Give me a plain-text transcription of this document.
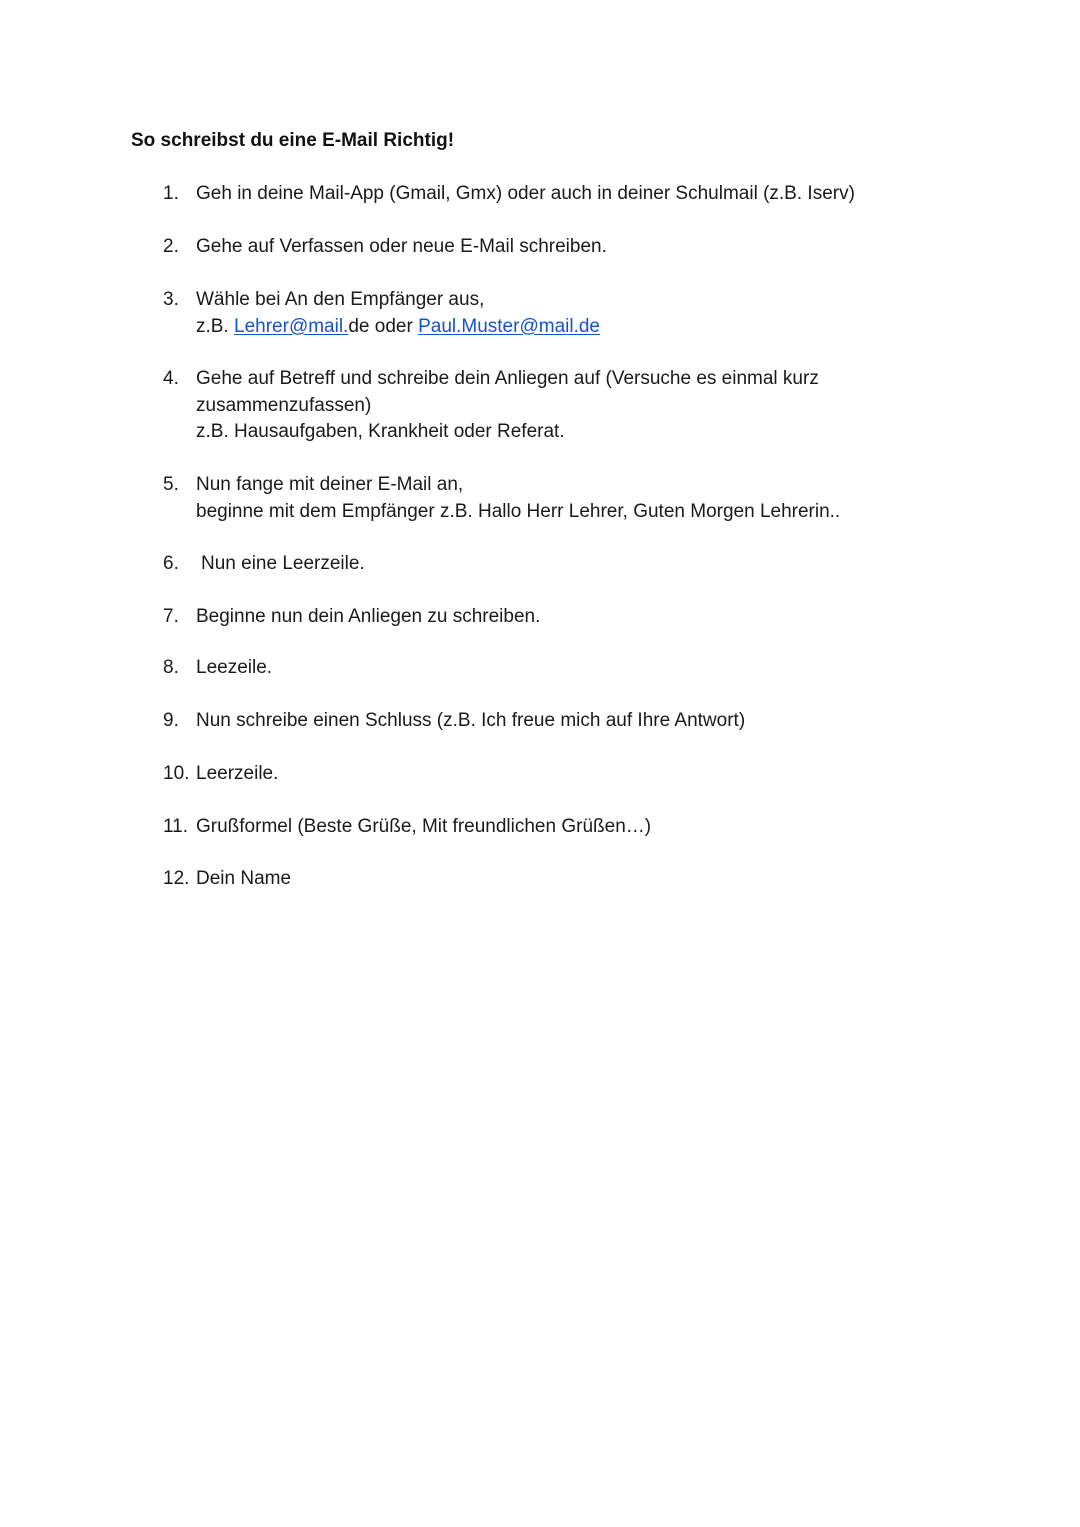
So schreibst du eine E-Mail Richtig!
1. Geh in deine Mail-App (Gmail, Gmx) oder auch in deiner Schulmail (z.B. Iserv)
2. Gehe auf Verfassen oder neue E-Mail schreiben.
3. Wähle bei An den Empfänger aus,
z.B. Lehrer@mail.de oder Paul.Muster@mail.de
4. Gehe auf Betreff und schreibe dein Anliegen auf (Versuche es einmal kurz
zusammenzufassen)
z.B. Hausaufgaben, Krankheit oder Referat.
5. Nun fange mit deiner E-Mail an,
beginne mit dem Empfänger z.B. Hallo Herr Lehrer, Guten Morgen Lehrerin..
6. Nun eine Leerzeile.
7. Beginne nun dein Anliegen zu schreiben.
8. Leezeile.
9. Nun schreibe einen Schluss (z.B. Ich freue mich auf Ihre Antwort)
10. Leerzeile.
11. Grußformel (Beste Grüße, Mit freundlichen Grüßen…)
12. Dein Name
